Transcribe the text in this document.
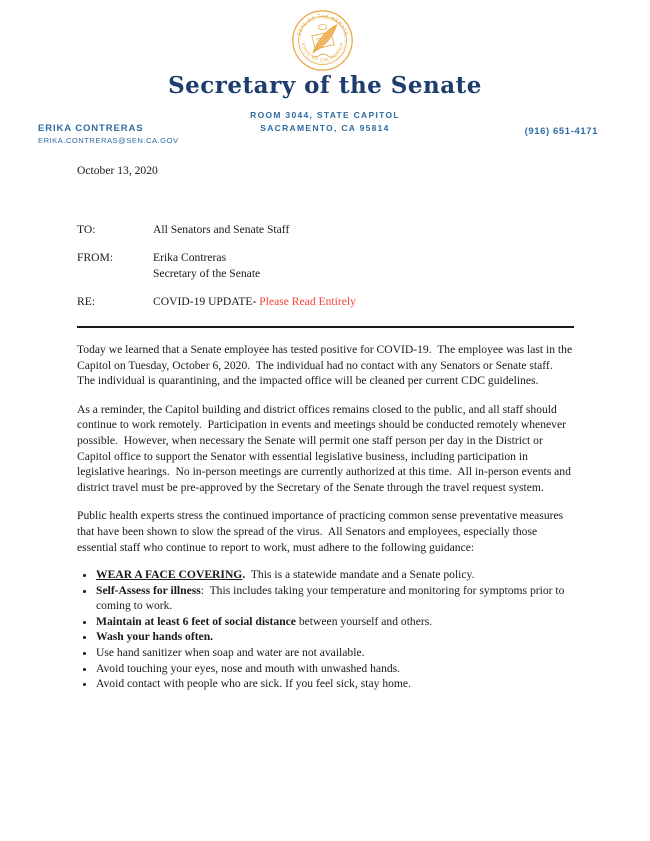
SEAL OF THE SENATE
STATE OF CALIFORNIA
Secretary of the Senate
ROOM 3044, STATE CAPITOL
SACRAMENTO, CA 95814
ERIKA CONTRERAS
ERIKA.CONTRERAS@SEN.CA.GOV
(916) 651-4171

October 13, 2020

TO:	All Senators and Senate Staff
FROM:	Erika Contreras
Secretary of the Senate
RE:	COVID-19 UPDATE- Please Read Entirely

Today we learned that a Senate employee has tested positive for COVID-19.  The employee was last in the Capitol on Tuesday, October 6, 2020.  The individual had no contact with any Senators or Senate staff.   The individual is quarantining, and the impacted office will be cleaned per current CDC guidelines.

As a reminder, the Capitol building and district offices remains closed to the public, and all staff should continue to work remotely.  Participation in events and meetings should be conducted remotely whenever possible.  However, when necessary the Senate will permit one staff person per day in the District or Capitol office to support the Senator with essential legislative business, including participation in legislative hearings.  No in-person meetings are currently authorized at this time.  All in-person events and district travel must be pre-approved by the Secretary of the Senate through the travel request system.

Public health experts stress the continued importance of practicing common sense preventative measures that have been shown to slow the spread of the virus.  All Senators and employees, especially those essential staff who continue to report to work, must adhere to the following guidance:

• WEAR A FACE COVERING.  This is a statewide mandate and a Senate policy.
• Self-Assess for illness:  This includes taking your temperature and monitoring for symptoms prior to coming to work.
• Maintain at least 6 feet of social distance between yourself and others.
• Wash your hands often.
• Use hand sanitizer when soap and water are not available.
• Avoid touching your eyes, nose and mouth with unwashed hands.
• Avoid contact with people who are sick. If you feel sick, stay home.
